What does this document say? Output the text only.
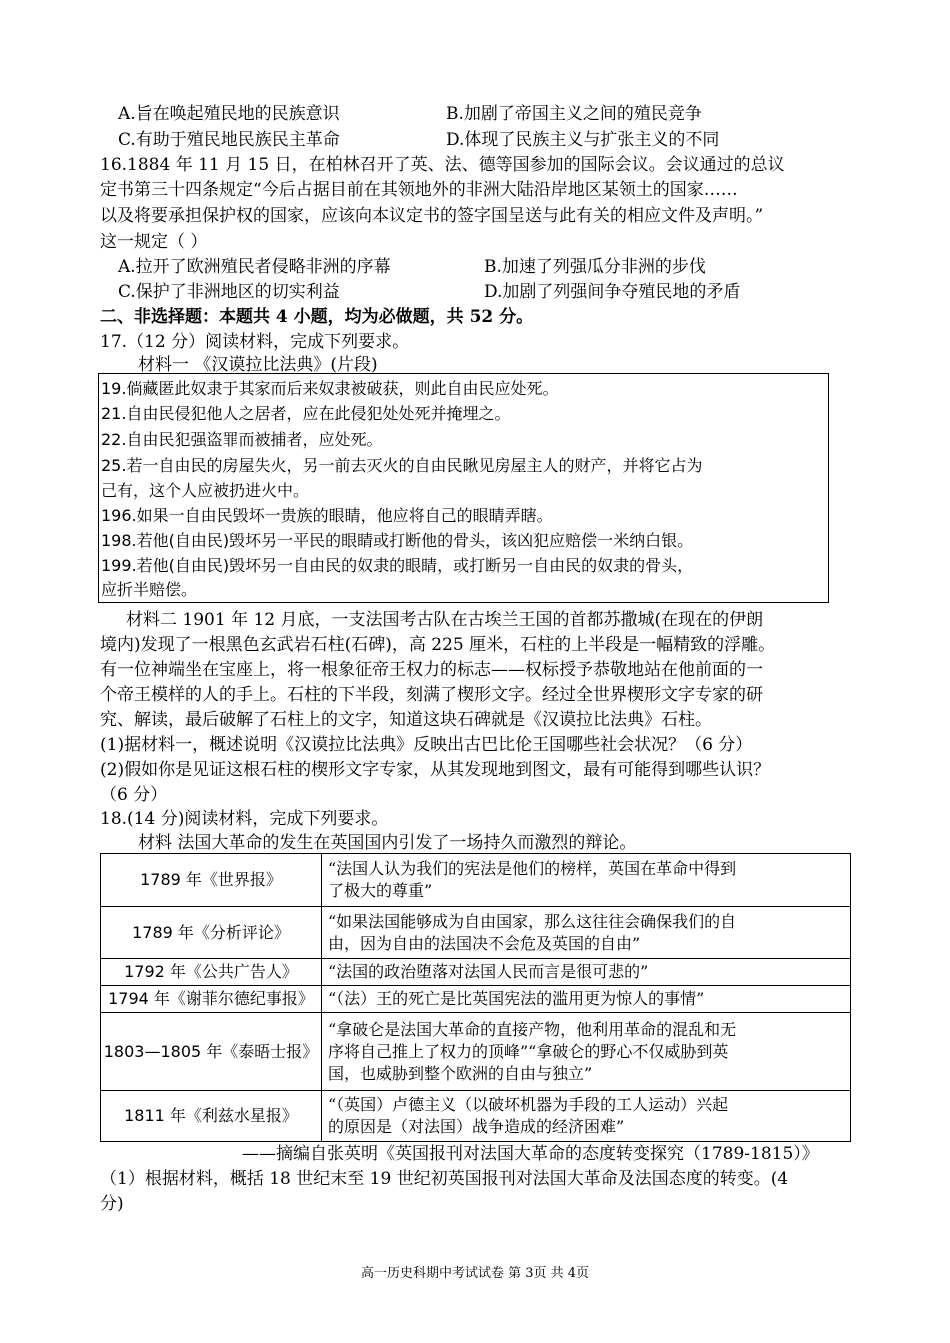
A.旨在唤起殖民地的民族意识	B.加剧了帝国主义之间的殖民竞争
C.有助于殖民地民族民主革命	D.体现了民族主义与扩张主义的不同
16.1884 年 11 月 15 日，在柏林召开了英、法、德等国参加的国际会议。会议通过的总议
定书第三十四条规定“今后占据目前在其领地外的非洲大陆沿岸地区某领土的国家……
以及将要承担保护权的国家，应该向本议定书的签字国呈送与此有关的相应文件及声明。”
这一规定（ ）
A.拉开了欧洲殖民者侵略非洲的序幕	B.加速了列强瓜分非洲的步伐
C.保护了非洲地区的切实利益	D.加剧了列强间争夺殖民地的矛盾
二、非选择题：本题共 4 小题，均为必做题，共 52 分。
17.（12 分）阅读材料，完成下列要求。
材料一 《汉谟拉比法典》(片段)
19.倘藏匿此奴隶于其家而后来奴隶被破获，则此自由民应处死。
21.自由民侵犯他人之居者，应在此侵犯处处死并掩埋之。
22.自由民犯强盗罪而被捕者，应处死。
25.若一自由民的房屋失火，另一前去灭火的自由民瞅见房屋主人的财产，并将它占为
己有，这个人应被扔进火中。
196.如果一自由民毁坏一贵族的眼睛，他应将自己的眼睛弄瞎。
198.若他(自由民)毁坏另一平民的眼睛或打断他的骨头，该凶犯应赔偿一米纳白银。
199.若他(自由民)毁坏另一自由民的奴隶的眼睛，或打断另一自由民的奴隶的骨头，
应折半赔偿。
材料二 1901 年 12 月底，一支法国考古队在古埃兰王国的首都苏撒城(在现在的伊朗
境内)发现了一根黑色玄武岩石柱(石碑)，高 225 厘米，石柱的上半段是一幅精致的浮雕。
有一位神端坐在宝座上，将一根象征帝王权力的标志——权标授予恭敬地站在他前面的一
个帝王模样的人的手上。石柱的下半段，刻满了楔形文字。经过全世界楔形文字专家的研
究、解读，最后破解了石柱上的文字，知道这块石碑就是《汉谟拉比法典》石柱。
(1)据材料一，概述说明《汉谟拉比法典》反映出古巴比伦王国哪些社会状况？（6 分）
(2)假如你是见证这根石柱的楔形文字专家，从其发现地到图文，最有可能得到哪些认识？
（6 分）
18.(14 分)阅读材料，完成下列要求。
材料 法国大革命的发生在英国国内引发了一场持久而激烈的辩论。
1789 年《世界报》	“法国人认为我们的宪法是他们的榜样，英国在革命中得到
了极大的尊重”

1789 年《分析评论》	“如果法国能够成为自由国家，那么这往往会确保我们的自
由，因为自由的法国决不会危及英国的自由”

1792 年《公共广告人》	“法国的政治堕落对法国人民而言是很可悲的”

1794 年《谢菲尔德纪事报》	“（法）王的死亡是比英国宪法的滥用更为惊人的事情”

1803—1805 年《泰晤士报》	“拿破仑是法国大革命的直接产物，他利用革命的混乱和无
序将自己推上了权力的顶峰”“拿破仑的野心不仅威胁到英
国，也威胁到整个欧洲的自由与独立”

1811 年《利兹水星报》	“（英国）卢德主义（以破坏机器为手段的工人运动）兴起
的原因是（对法国）战争造成的经济困难”
——摘编自张英明《英国报刊对法国大革命的态度转变探究（1789-1815）》
（1）根据材料，概括 18 世纪末至 19 世纪初英国报刊对法国大革命及法国态度的转变。(4
分)
高一历史科期中考试试卷 第 3页 共 4页
